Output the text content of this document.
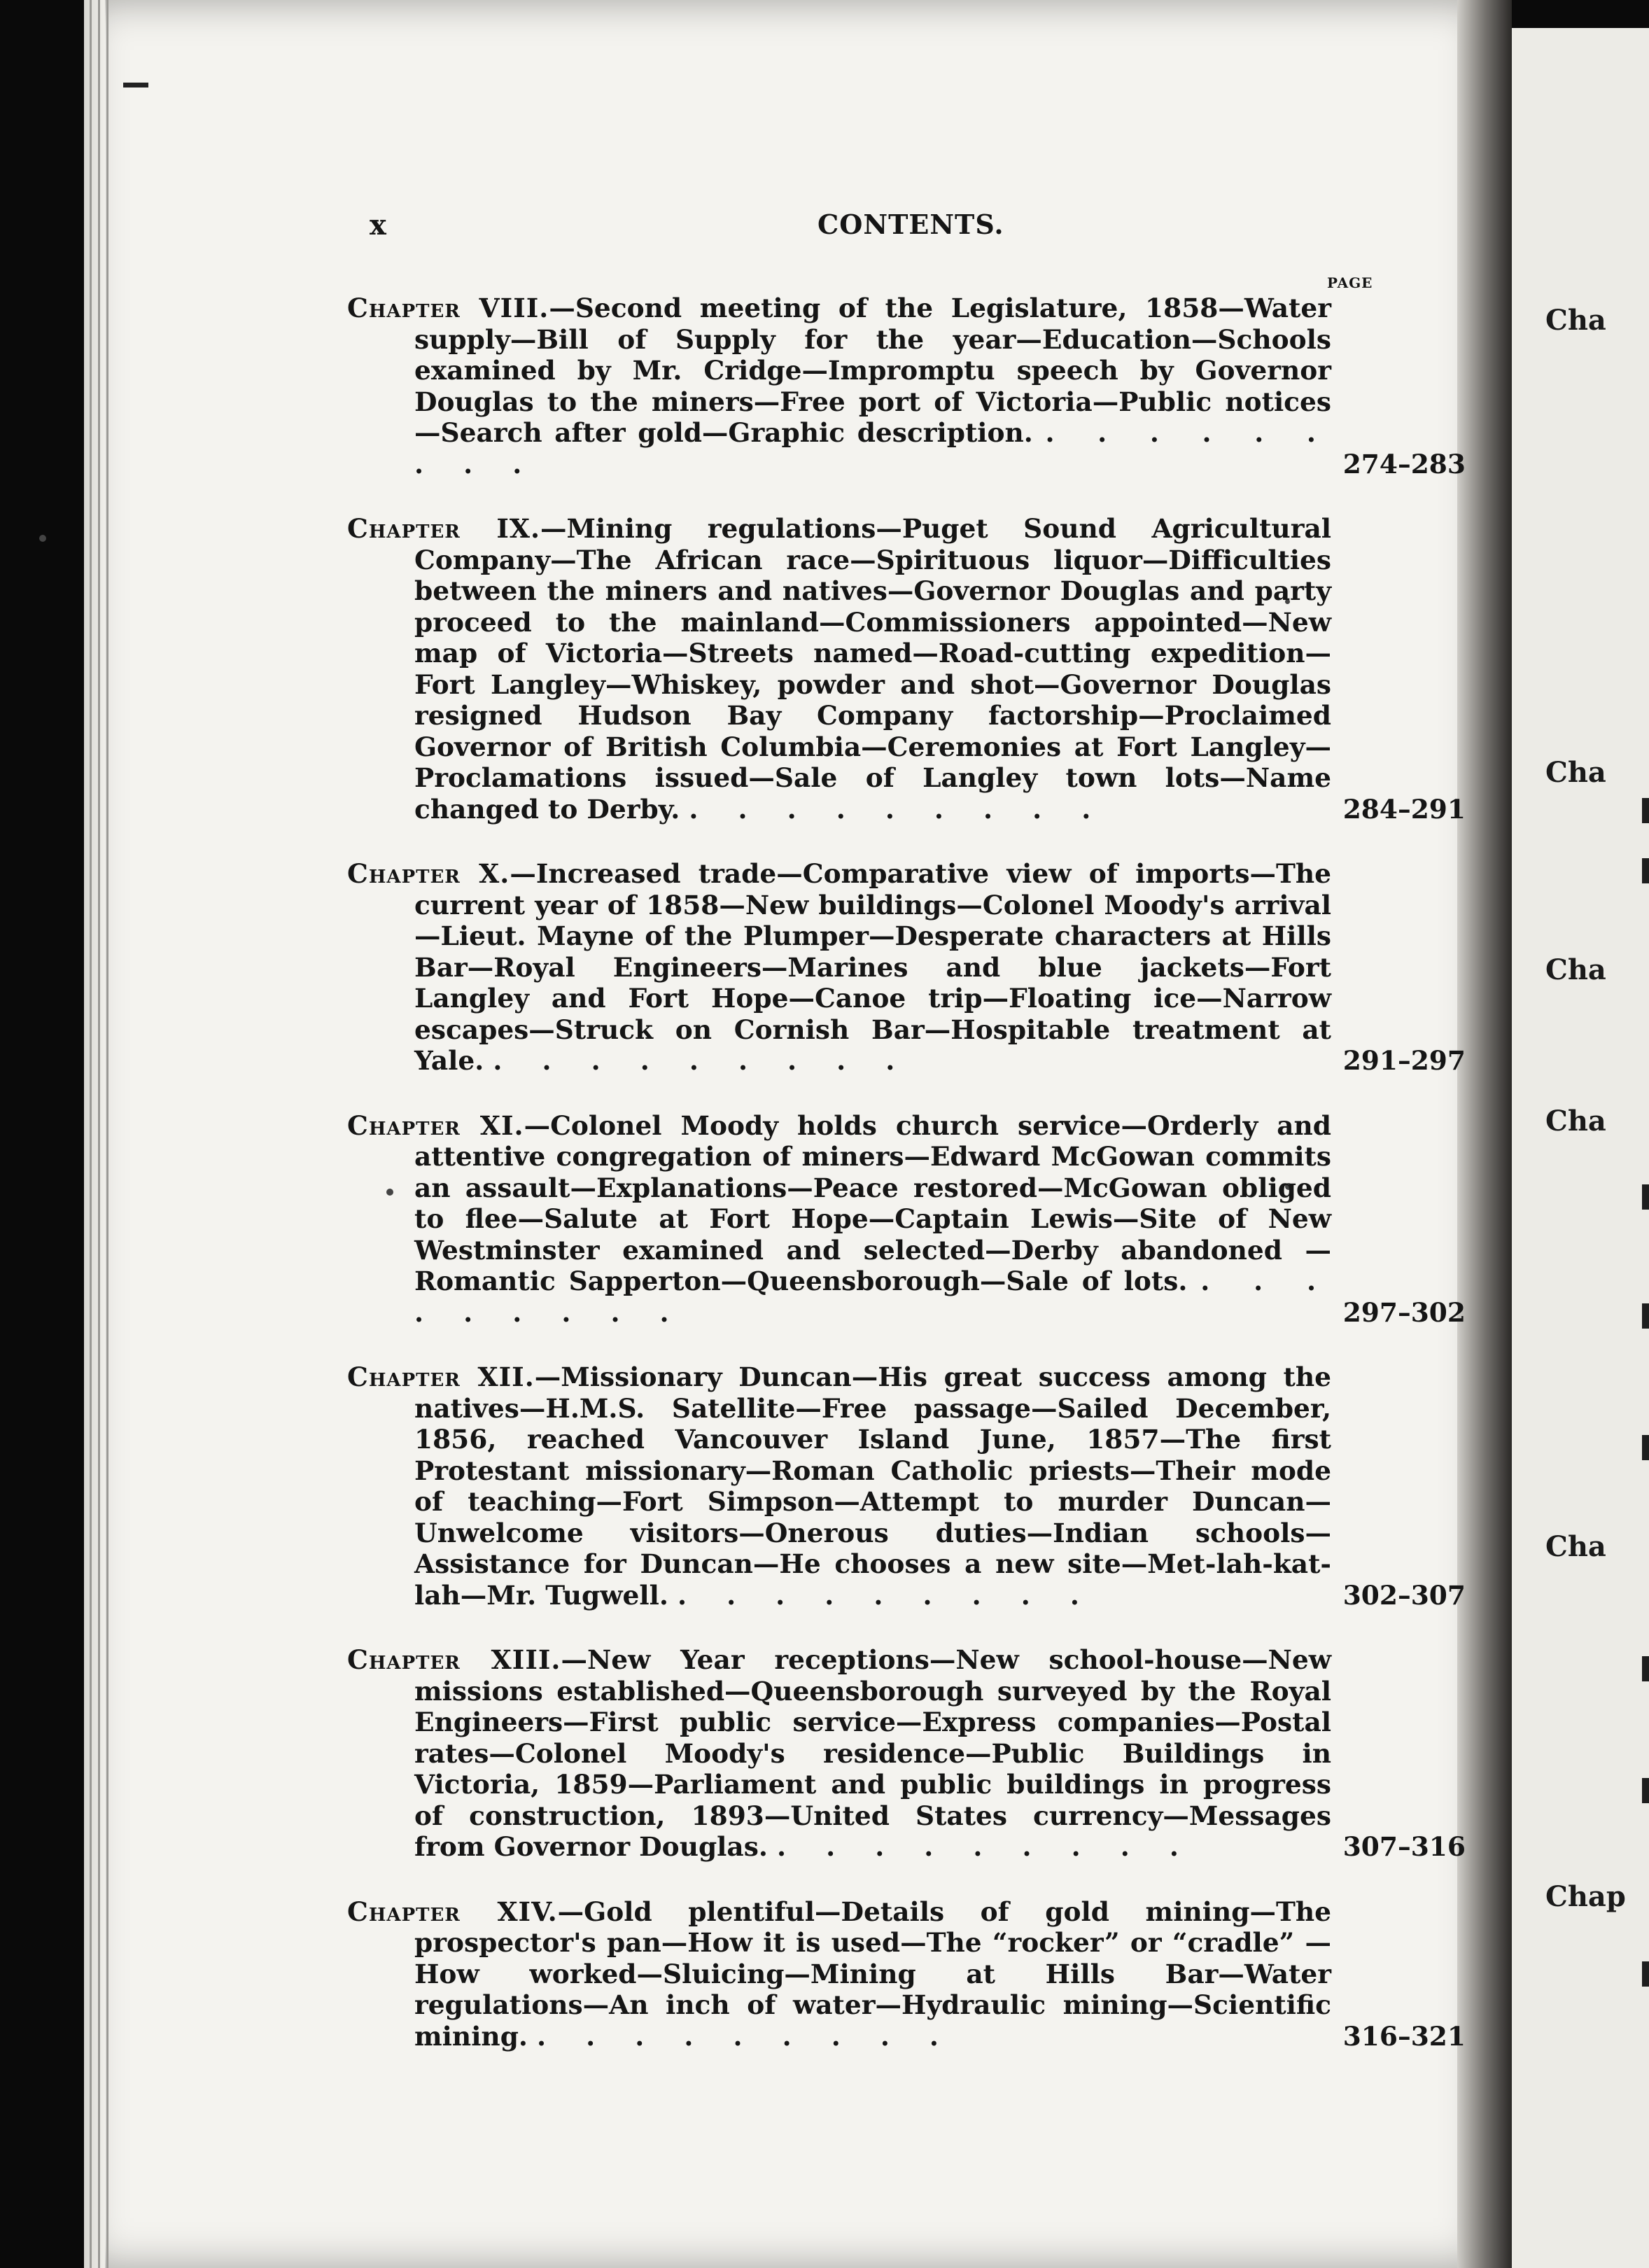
Cha
Cha
Cha
Cha
Cha
Chap
x	CONTENTS.
PAGE
Chapter VIII.—Second meeting of the Legislature, 1858—Water supply—Bill of Supply for the year—Education—Schools examined by Mr. Cridge—Impromptu speech by Governor Douglas to the miners—Free port of Victoria—Public notices —Search after gold—Graphic description. . . . . . . . . .	274–283
Chapter IX.—Mining regulations—Puget Sound Agricultural Company—The African race—Spirituous liquor—Difficulties between the miners and natives—Governor Douglas and party proceed to the mainland—Commissioners appointed—New map of Victoria—Streets named—Road-cutting expedition—Fort Langley—Whiskey, powder and shot—Governor Douglas resigned Hudson Bay Company factorship—Proclaimed Governor of British Columbia—Ceremonies at Fort Langley—Proclamations issued—Sale of Langley town lots—Name changed to Derby. . . . . . . . . .	284–291
Chapter X.—Increased trade—Comparative view of imports—The current year of 1858—New buildings—Colonel Moody's arrival—Lieut. Mayne of the Plumper—Desperate characters at Hills Bar—Royal Engineers—Marines and blue jackets—Fort Langley and Fort Hope—Canoe trip—Floating ice—Narrow escapes—Struck on Cornish Bar—Hospitable treatment at Yale. . . . . . . . . .	291–297
Chapter XI.—Colonel Moody holds church service—Orderly and attentive congregation of miners—Edward McGowan commits an assault—Explanations—Peace restored—McGowan obliged to flee—Salute at Fort Hope—Captain Lewis—Site of New Westminster examined and selected—Derby abandoned —Romantic Sapperton—Queensborough—Sale of lots. . . . . . . . . .	297–302
Chapter XII.—Missionary Duncan—His great success among the natives—H.M.S. Satellite—Free passage—Sailed December, 1856, reached Vancouver Island June, 1857—The first Protestant missionary—Roman Catholic priests—Their mode of teaching—Fort Simpson—Attempt to murder Duncan—Unwelcome visitors—Onerous duties—Indian schools—Assistance for Duncan—He chooses a new site—Met-lah-kat-lah—Mr. Tugwell. . . . . . . . . .	302–307
Chapter XIII.—New Year receptions—New school-house—New missions established—Queensborough surveyed by the Royal Engineers—First public service—Express companies—Postal rates—Colonel Moody's residence—Public Buildings in Victoria, 1859—Parliament and public buildings in progress of construction, 1893—United States currency—Messages from Governor Douglas. . . . . . . . . .	307–316
Chapter XIV.—Gold plentiful—Details of gold mining—The prospector's pan—How it is used—The “rocker” or “cradle” —How worked—Sluicing—Mining at Hills Bar—Water regulations—An inch of water—Hydraulic mining—Scientific mining. . . . . . . . . .	316–321
